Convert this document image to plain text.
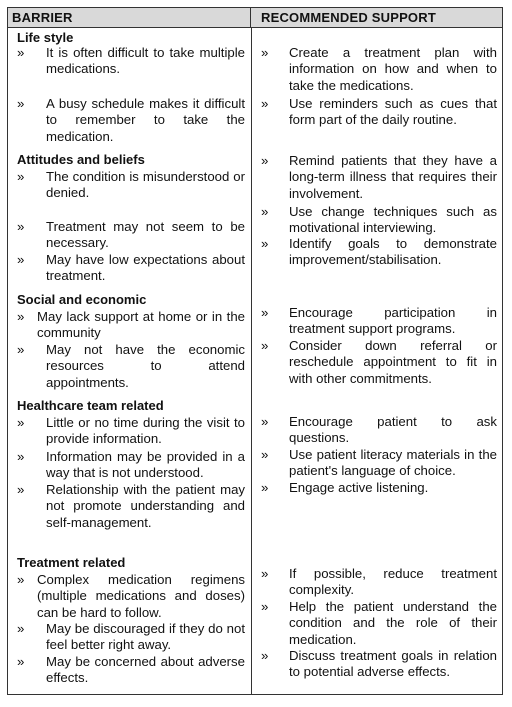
BARRIER	RECOMMENDED SUPPORT
Life style
» It is often difficult to take multiple medications.
» A busy schedule makes it difficult to remember to take the medication.
» Create a treatment plan with information on how and when to take the medications.
» Use reminders such as cues that form part of the daily routine.
Attitudes and beliefs
» The condition is misunderstood or denied.
» Treatment may not seem to be necessary.
» May have low expectations about treatment.
» Remind patients that they have a long-term illness that requires their involvement.
» Use change techniques such as motivational interviewing.
» Identify goals to demonstrate improvement/stabilisation.
Social and economic
» May lack support at home or in the community
» May not have the economic resources to attend appointments.
» Encourage participation in treatment support programs.
» Consider down referral or reschedule appointment to fit in with other commitments.
Healthcare team related
» Little or no time during the visit to provide information.
» Information may be provided in a way that is not understood.
» Relationship with the patient may not promote understanding and self-management.
» Encourage patient to ask questions.
» Use patient literacy materials in the patient's language of choice.
» Engage active listening.
Treatment related
» Complex medication regimens (multiple medications and doses) can be hard to follow.
» May be discouraged if they do not feel better right away.
» May be concerned about adverse effects.
» If possible, reduce treatment complexity.
» Help the patient understand the condition and the role of their medication.
» Discuss treatment goals in relation to potential adverse effects.
